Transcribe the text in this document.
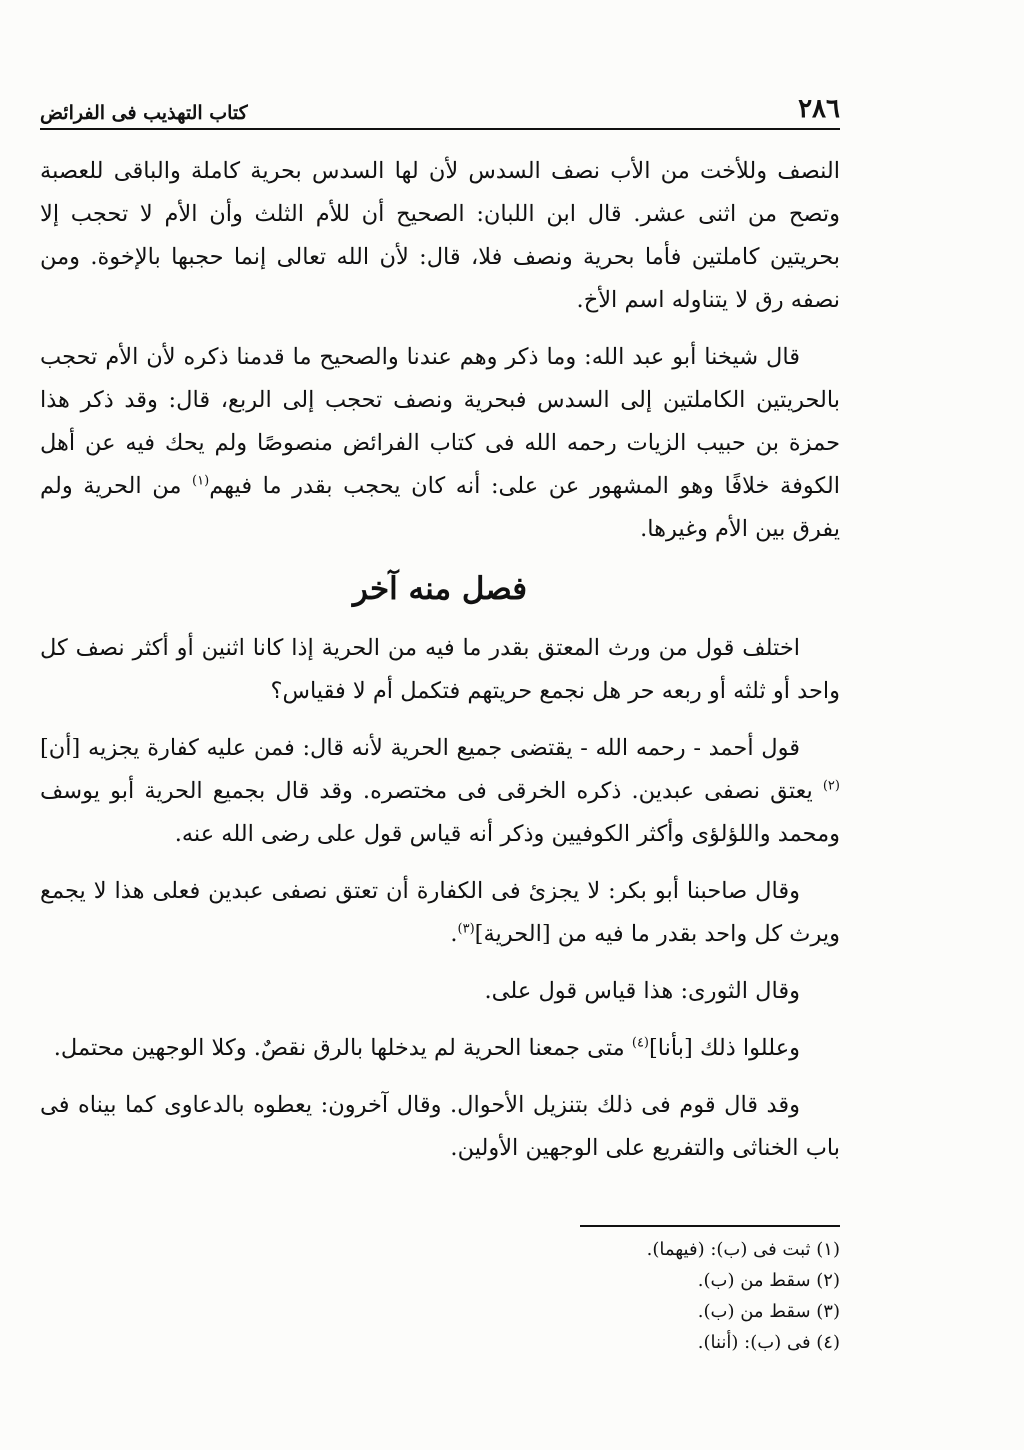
٢٨٦
كتاب التهذيب فى الفرائض

النصف وللأخت من الأب نصف السدس لأن لها السدس بحرية كاملة والباقى للعصبة وتصح من اثنى عشر. قال ابن اللبان: الصحيح أن للأم الثلث وأن الأم لا تحجب إلا بحريتين كاملتين فأما بحرية ونصف فلا، قال: لأن الله تعالى إنما حجبها بالإخوة. ومن نصفه رق لا يتناوله اسم الأخ.

قال شيخنا أبو عبد الله: وما ذكر وهم عندنا والصحيح ما قدمنا ذكره لأن الأم تحجب بالحريتين الكاملتين إلى السدس فبحرية ونصف تحجب إلى الربع، قال: وقد ذكر هذا حمزة بن حبيب الزيات رحمه الله فى كتاب الفرائض منصوصًا ولم يحك فيه عن أهل الكوفة خلافًا وهو المشهور عن على: أنه كان يحجب بقدر ما فيهم$^{(١)}$ من الحرية ولم يفرق بين الأم وغيرها.

فصل منه آخر

اختلف قول من ورث المعتق بقدر ما فيه من الحرية إذا كانا اثنين أو أكثر نصف كل واحد أو ثلثه أو ربعه حر هل نجمع حريتهم فتكمل أم لا فقياس؟

قول أحمد - رحمه الله - يقتضى جميع الحرية لأنه قال: فمن عليه كفارة يجزيه [أن]$^{(٢)}$ يعتق نصفى عبدين. ذكره الخرقى فى مختصره. وقد قال بجميع الحرية أبو يوسف ومحمد واللؤلؤى وأكثر الكوفيين وذكر أنه قياس قول على رضى الله عنه.

وقال صاحبنا أبو بكر: لا يجزئ فى الكفارة أن تعتق نصفى عبدين فعلى هذا لا يجمع ويرث كل واحد بقدر ما فيه من [الحرية]$^{(٣)}$.

وقال الثورى: هذا قياس قول على.

وعللوا ذلك [بأنا]$^{(٤)}$ متى جمعنا الحرية لم يدخلها بالرق نقصٌ. وكلا الوجهين محتمل.

وقد قال قوم فى ذلك بتنزيل الأحوال. وقال آخرون: يعطوه بالدعاوى كما بيناه فى باب الخناثى والتفريع على الوجهين الأولين.

(١) ثبت فى (ب): (فيهما).
(٢) سقط من (ب).
(٣) سقط من (ب).
(٤) فى (ب): (أننا).
